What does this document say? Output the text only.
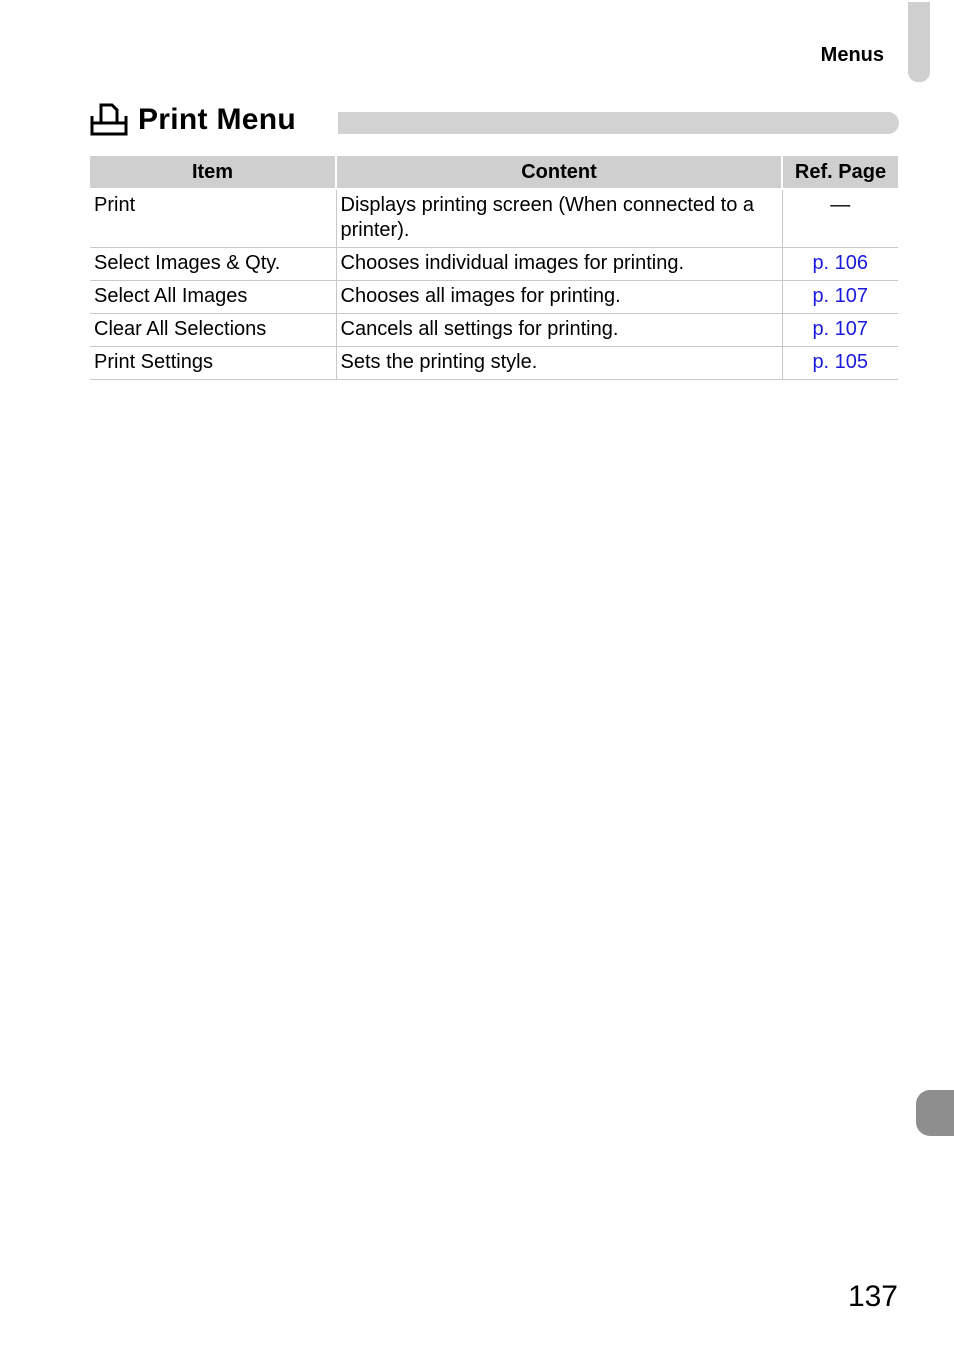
Menus
Print Menu
Item	Content	Ref. Page
Print	Displays printing screen (When connected to a printer).	—
Select Images & Qty.	Chooses individual images for printing.	p. 106
Select All Images	Chooses all images for printing.	p. 107
Clear All Selections	Cancels all settings for printing.	p. 107
Print Settings	Sets the printing style.	p. 105
137
